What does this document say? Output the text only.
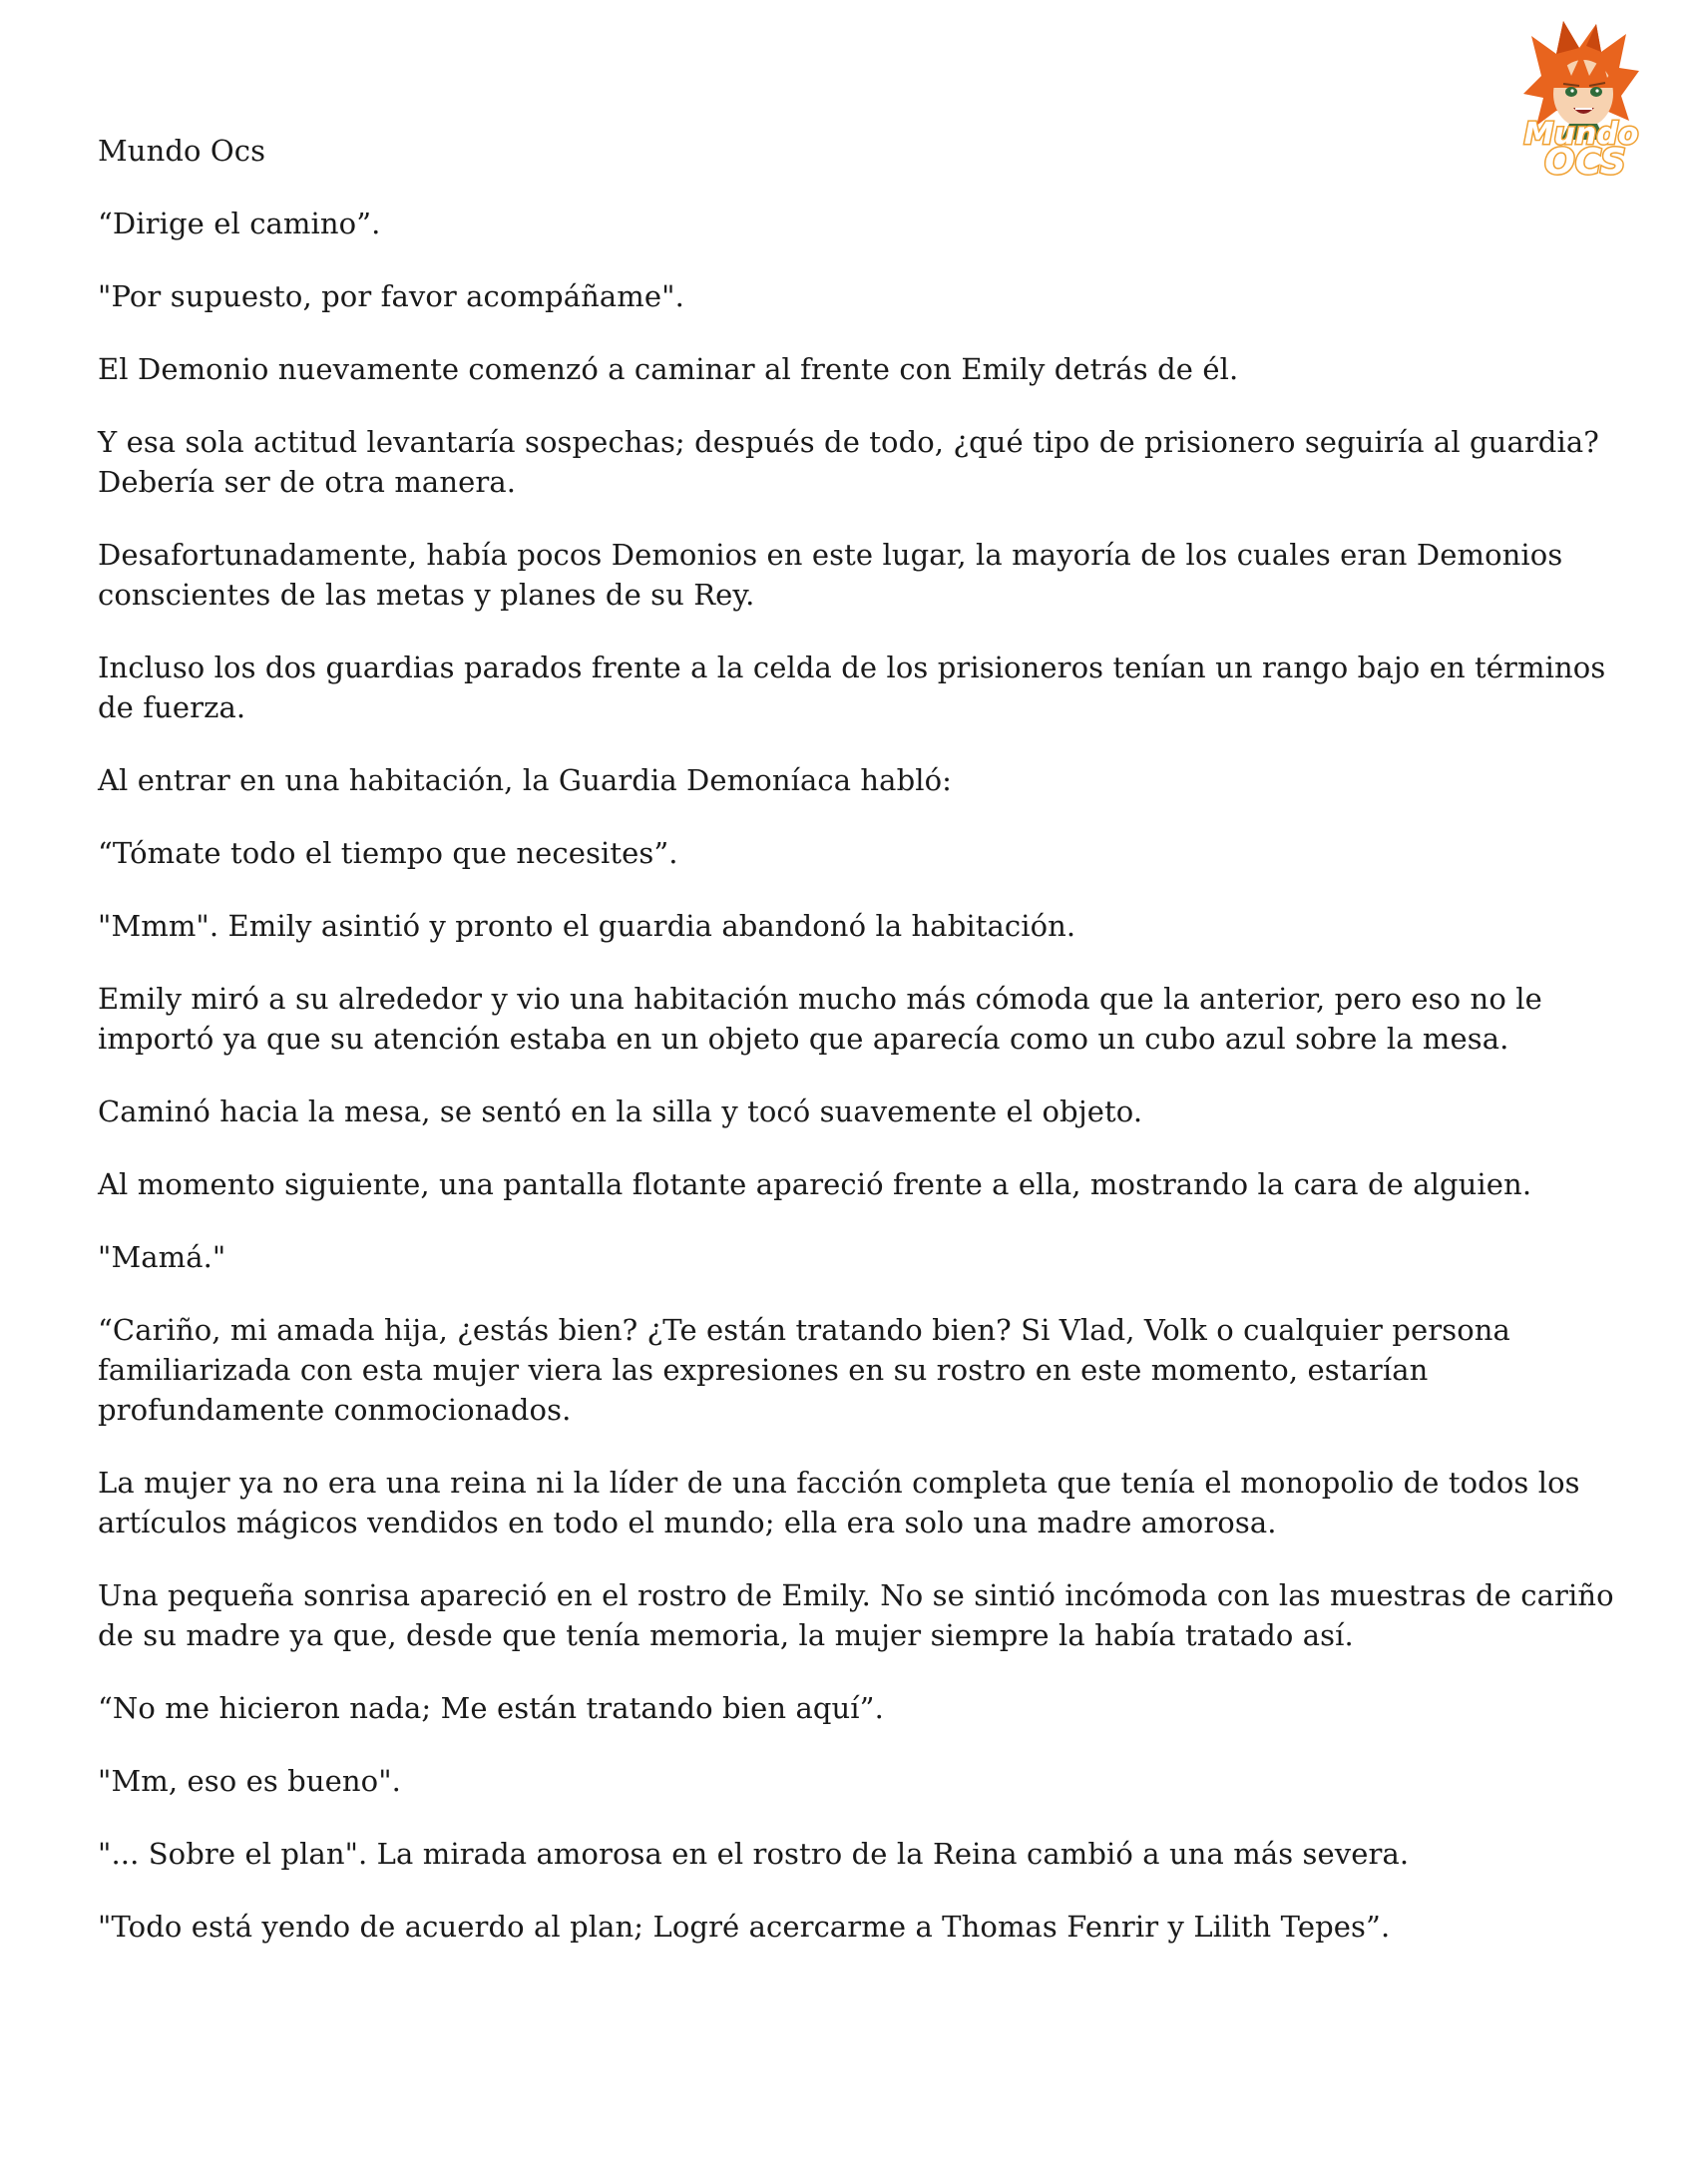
Mundo
OCS

Mundo Ocs

“Dirige el camino”.

"Por supuesto, por favor acompáñame".

El Demonio nuevamente comenzó a caminar al frente con Emily detrás de él.

Y esa sola actitud levantaría sospechas; después de todo, ¿qué tipo de prisionero seguiría al guardia? Debería ser de otra manera.

Desafortunadamente, había pocos Demonios en este lugar, la mayoría de los cuales eran Demonios conscientes de las metas y planes de su Rey.

Incluso los dos guardias parados frente a la celda de los prisioneros tenían un rango bajo en términos de fuerza.

Al entrar en una habitación, la Guardia Demoníaca habló:

“Tómate todo el tiempo que necesites”.

"Mmm". Emily asintió y pronto el guardia abandonó la habitación.

Emily miró a su alrededor y vio una habitación mucho más cómoda que la anterior, pero eso no le importó ya que su atención estaba en un objeto que aparecía como un cubo azul sobre la mesa.

Caminó hacia la mesa, se sentó en la silla y tocó suavemente el objeto.

Al momento siguiente, una pantalla flotante apareció frente a ella, mostrando la cara de alguien.

"Mamá."

“Cariño, mi amada hija, ¿estás bien? ¿Te están tratando bien? Si Vlad, Volk o cualquier persona familiarizada con esta mujer viera las expresiones en su rostro en este momento, estarían profundamente conmocionados.

La mujer ya no era una reina ni la líder de una facción completa que tenía el monopolio de todos los artículos mágicos vendidos en todo el mundo; ella era solo una madre amorosa.

Una pequeña sonrisa apareció en el rostro de Emily. No se sintió incómoda con las muestras de cariño de su madre ya que, desde que tenía memoria, la mujer siempre la había tratado así.

“No me hicieron nada; Me están tratando bien aquí”.

"Mm, eso es bueno".

"... Sobre el plan". La mirada amorosa en el rostro de la Reina cambió a una más severa.

"Todo está yendo de acuerdo al plan; Logré acercarme a Thomas Fenrir y Lilith Tepes”.
